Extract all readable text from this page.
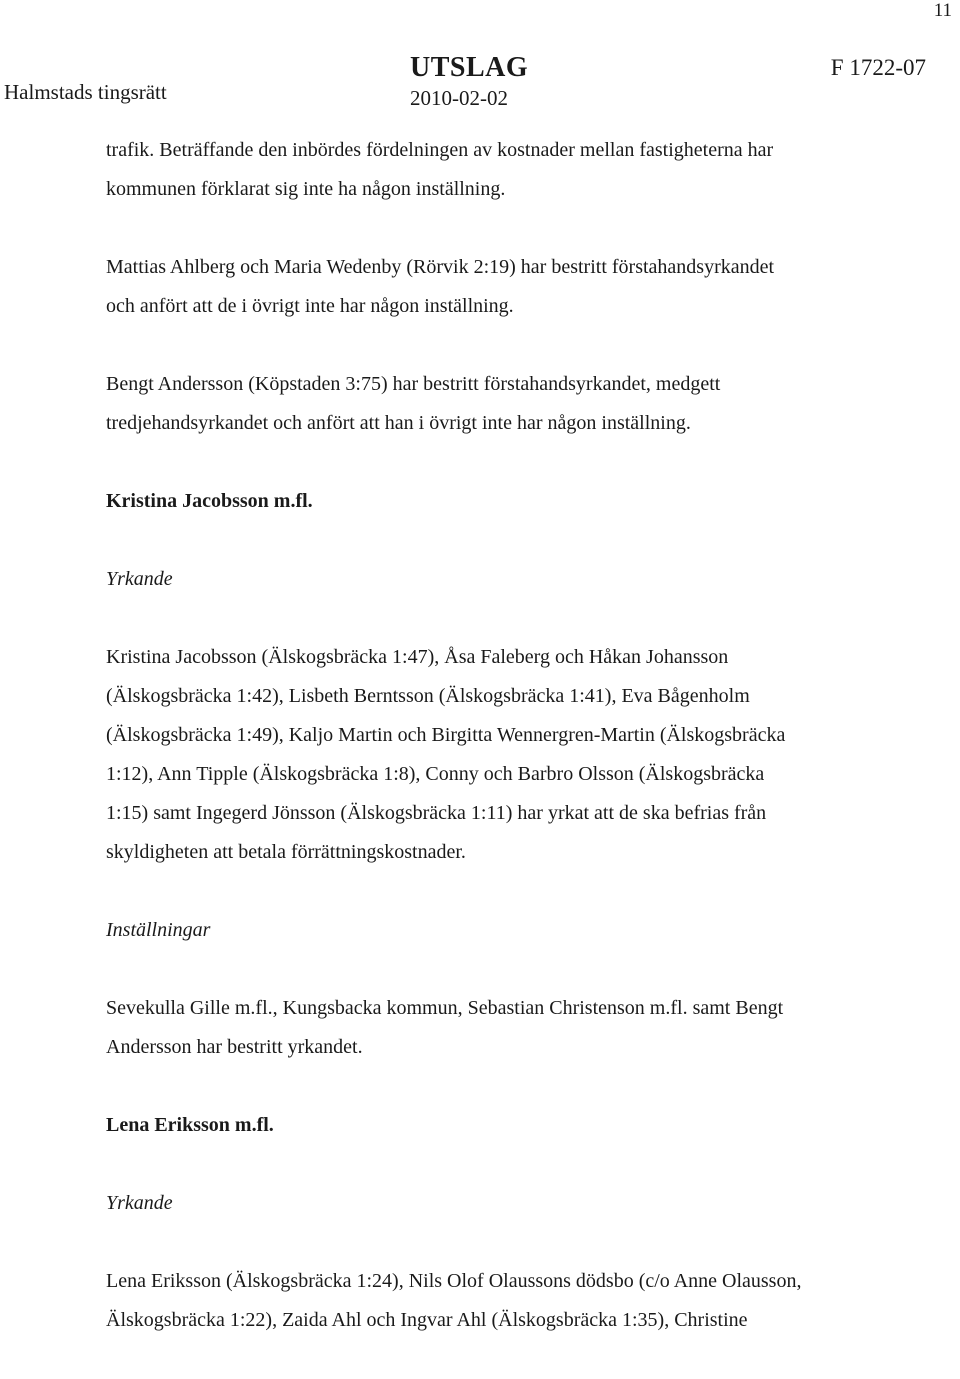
11
Halmstads tingsrätt
UTSLAG
2010-02-02
F 1722-07
trafik. Beträffande den inbördes fördelningen av kostnader mellan fastigheterna har
kommunen förklarat sig inte ha någon inställning.
Mattias Ahlberg och Maria Wedenby (Rörvik 2:19) har bestritt förstahandsyrkandet
och anfört att de i övrigt inte har någon inställning.
Bengt Andersson (Köpstaden 3:75) har bestritt förstahandsyrkandet, medgett
tredjehandsyrkandet och anfört att han i övrigt inte har någon inställning.
Kristina Jacobsson m.fl.
Yrkande
Kristina Jacobsson (Älskogsbräcka 1:47), Åsa Faleberg och Håkan Johansson
(Älskogsbräcka 1:42), Lisbeth Berntsson (Älskogsbräcka 1:41), Eva Bågenholm
(Älskogsbräcka 1:49), Kaljo Martin och Birgitta Wennergren-Martin (Älskogsbräcka
1:12), Ann Tipple (Älskogsbräcka 1:8), Conny och Barbro Olsson (Älskogsbräcka
1:15) samt Ingegerd Jönsson (Älskogsbräcka 1:11) har yrkat att de ska befrias från
skyldigheten att betala förrättningskostnader.
Inställningar
Sevekulla Gille m.fl., Kungsbacka kommun, Sebastian Christenson m.fl. samt Bengt
Andersson har bestritt yrkandet.
Lena Eriksson m.fl.
Yrkande
Lena Eriksson (Älskogsbräcka 1:24), Nils Olof Olaussons dödsbo (c/o Anne Olausson,
Älskogsbräcka 1:22), Zaida Ahl och Ingvar Ahl (Älskogsbräcka 1:35), Christine
